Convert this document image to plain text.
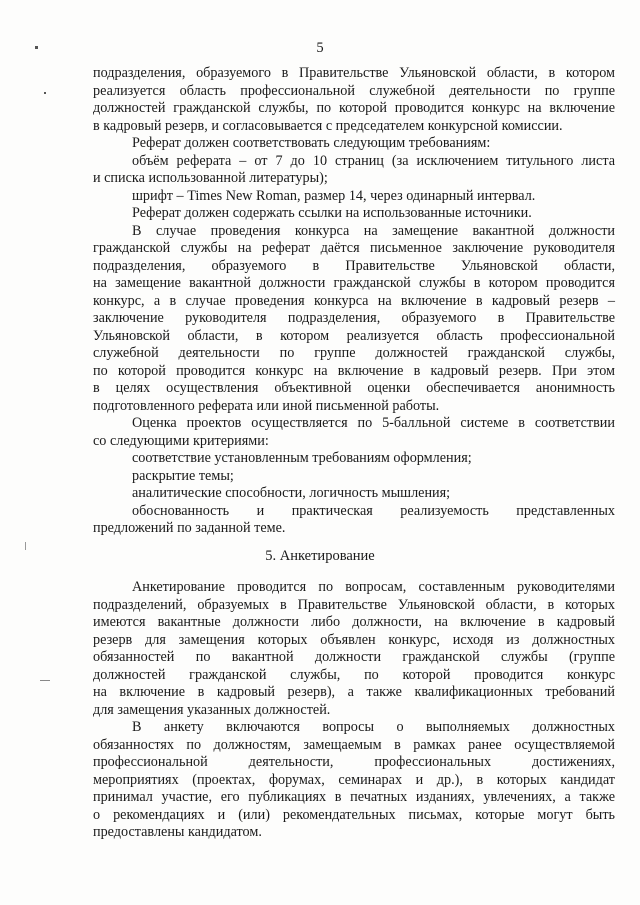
5
подразделения, образуемого в Правительстве Ульяновской области, в котором
реализуется область профессиональной служебной деятельности по группе
должностей гражданской службы, по которой проводится конкурс на включение
в кадровый резерв, и согласовывается с председателем конкурсной комиссии.
Реферат должен соответствовать следующим требованиям:
объём реферата – от 7 до 10 страниц (за исключением титульного листа
и списка использованной литературы);
шрифт – Times New Roman, размер 14, через одинарный интервал.
Реферат должен содержать ссылки на использованные источники.
В случае проведения конкурса на замещение вакантной должности
гражданской службы на реферат даётся письменное заключение руководителя
подразделения, образуемого в Правительстве Ульяновской области,
на замещение вакантной должности гражданской службы в котором проводится
конкурс, а в случае проведения конкурса на включение в кадровый резерв –
заключение руководителя подразделения, образуемого в Правительстве
Ульяновской области, в котором реализуется область профессиональной
служебной деятельности по группе должностей гражданской службы,
по которой проводится конкурс на включение в кадровый резерв. При этом
в целях осуществления объективной оценки обеспечивается анонимность
подготовленного реферата или иной письменной работы.
Оценка проектов осуществляется по 5-балльной системе в соответствии
со следующими критериями:
соответствие установленным требованиям оформления;
раскрытие темы;
аналитические способности, логичность мышления;
обоснованность и практическая реализуемость представленных
предложений по заданной теме.
5. Анкетирование
Анкетирование проводится по вопросам, составленным руководителями
подразделений, образуемых в Правительстве Ульяновской области, в которых
имеются вакантные должности либо должности, на включение в кадровый
резерв для замещения которых объявлен конкурс, исходя из должностных
обязанностей по вакантной должности гражданской службы (группе
должностей гражданской службы, по которой проводится конкурс
на включение в кадровый резерв), а также квалификационных требований
для замещения указанных должностей.
В анкету включаются вопросы о выполняемых должностных
обязанностях по должностям, замещаемым в рамках ранее осуществляемой
профессиональной деятельности, профессиональных достижениях,
мероприятиях (проектах, форумах, семинарах и др.), в которых кандидат
принимал участие, его публикациях в печатных изданиях, увлечениях, а также
о рекомендациях и (или) рекомендательных письмах, которые могут быть
предоставлены кандидатом.
